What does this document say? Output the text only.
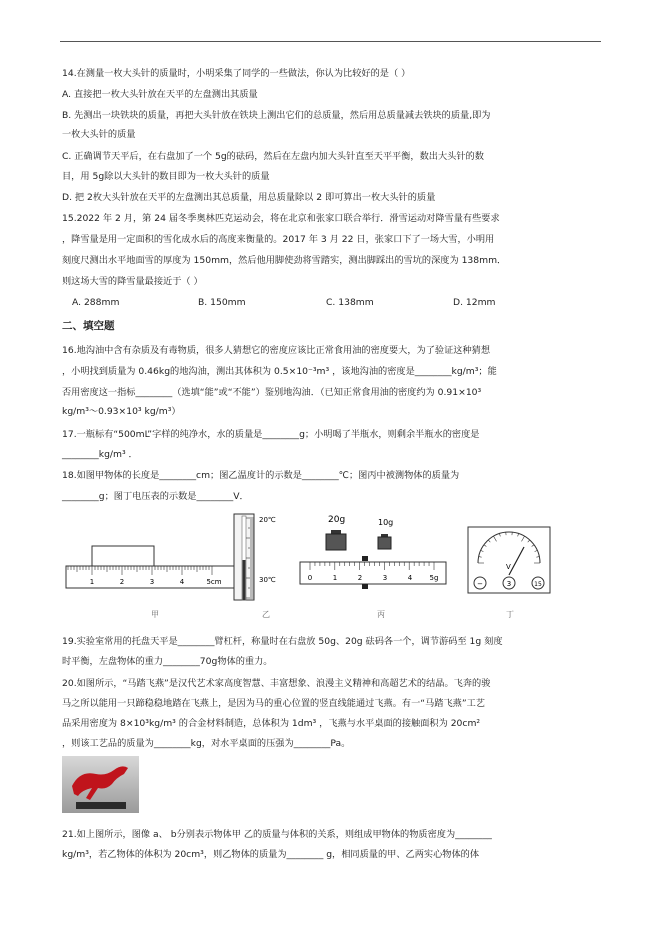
14.在测量一枚大头针的质量时，小明采集了同学的一些做法，你认为比较好的是（ ）
A. 直接把一枚大头针放在天平的左盘测出其质量
B. 先测出一块铁块的质量，再把大头针放在铁块上测出它们的总质量，然后用总质量减去铁块的质量,即为
一枚大头针的质量
C. 正确调节天平后，在右盘加了一个 5g的砝码，然后在左盘内加大头针直至天平平衡，数出大头针的数
目，用 5g除以大头针的数目即为一枚大头针的质量
D. 把 2枚大头针放在天平的左盘测出其总质量，用总质量除以 2 即可算出一枚大头针的质量
15.2022 年 2 月，第 24 届冬季奥林匹克运动会，将在北京和张家口联合举行．滑雪运动对降雪量有些要求
，降雪量是用一定面积的雪化成水后的高度来衡量的。2017 年 3 月 22 日，张家口下了一场大雪，小明用
刻度尺测出水平地面雪的厚度为 150mm，然后他用脚使劲将雪踏实，测出脚踩出的雪坑的深度为 138mm．
则这场大雪的降雪量最接近于（ ）
A. 288mm	B. 150mm	C. 138mm	D. 12mm
二、填空题
16.地沟油中含有杂质及有毒物质，很多人猜想它的密度应该比正常食用油的密度要大，为了验证这种猜想
，小明找到质量为 0.46kg的地沟油，测出其体积为 0.5×10⁻³m³ ，该地沟油的密度是________kg/m³；能
否用密度这一指标________（选填“能”或“不能”）鉴别地沟油．（已知正常食用油的密度约为 0.91×10³
kg/m³～0.93×10³ kg/m³）
17.一瓶标有“500mL”字样的纯净水，水的质量是________g；小明喝了半瓶水，则剩余半瓶水的密度是
________kg/m³ ．
18.如图甲物体的长度是________cm；图乙温度计的示数是________℃；图丙中被测物体的质量为
________g；图丁电压表的示数是________V．
1	2	3	4	5cm
20℃
30℃
20g	10g
0	1	2	3	4 5g
V
−	3	15
甲	乙	丙	丁
19.实验室常用的托盘天平是________臂杠杆，称量时在右盘放 50g、20g 砝码各一个，调节游码至 1g 刻度
时平衡，左盘物体的重力________70g物体的重力。
20.如图所示，“马踏飞燕”是汉代艺术家高度智慧、丰富想象、浪漫主义精神和高超艺术的结晶。飞奔的骏
马之所以能用一只蹄稳稳地踏在飞燕上，是因为马的重心位置的竖直线能通过飞燕。有一“马踏飞燕”工艺
品采用密度为 8×10³kg/m³ 的合金材料制造，总体积为 1dm³ ，飞燕与水平桌面的接触面积为 20cm²
，则该工艺品的质量为________kg，对水平桌面的压强为________Pa。
21.如上图所示，图像 a、 b分别表示物体甲 乙的质量与体积的关系，则组成甲物体的物质密度为________
kg/m³，若乙物体的体积为 20cm³，则乙物体的质量为________ g，相同质量的甲、乙两实心物体的体
